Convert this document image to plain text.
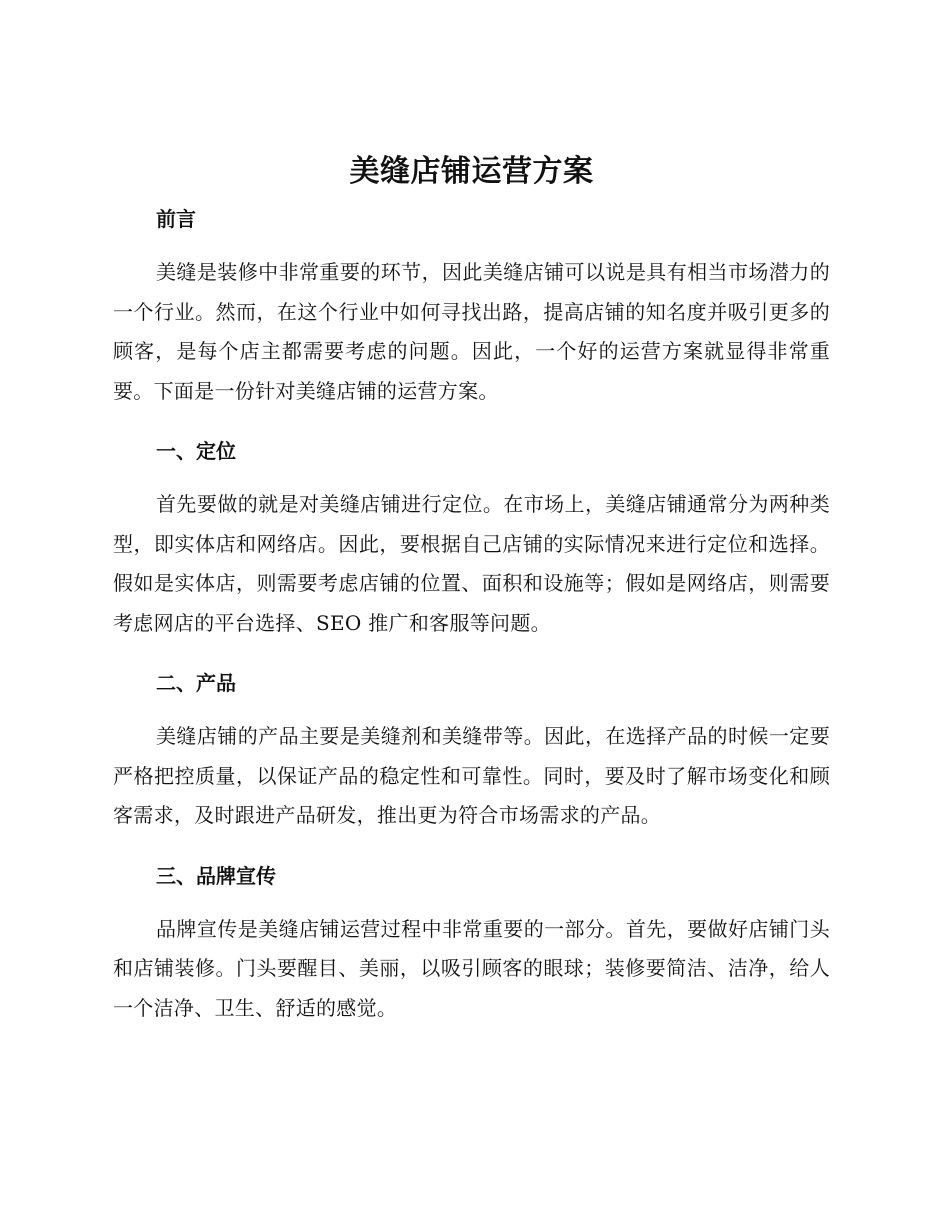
美缝店铺运营方案
前言

美缝是装修中非常重要的环节，因此美缝店铺可以说是具有相当市场潜力的一个行业。然而，在这个行业中如何寻找出路，提高店铺的知名度并吸引更多的顾客，是每个店主都需要考虑的问题。因此，一个好的运营方案就显得非常重要。下面是一份针对美缝店铺的运营方案。

一、定位

首先要做的就是对美缝店铺进行定位。在市场上，美缝店铺通常分为两种类型，即实体店和网络店。因此，要根据自己店铺的实际情况来进行定位和选择。假如是实体店，则需要考虑店铺的位置、面积和设施等；假如是网络店，则需要考虑网店的平台选择、SEO 推广和客服等问题。

二、产品

美缝店铺的产品主要是美缝剂和美缝带等。因此，在选择产品的时候一定要严格把控质量，以保证产品的稳定性和可靠性。同时，要及时了解市场变化和顾客需求，及时跟进产品研发，推出更为符合市场需求的产品。

三、品牌宣传

品牌宣传是美缝店铺运营过程中非常重要的一部分。首先，要做好店铺门头和店铺装修。门头要醒目、美丽，以吸引顾客的眼球；装修要简洁、洁净，给人一个洁净、卫生、舒适的感觉。
